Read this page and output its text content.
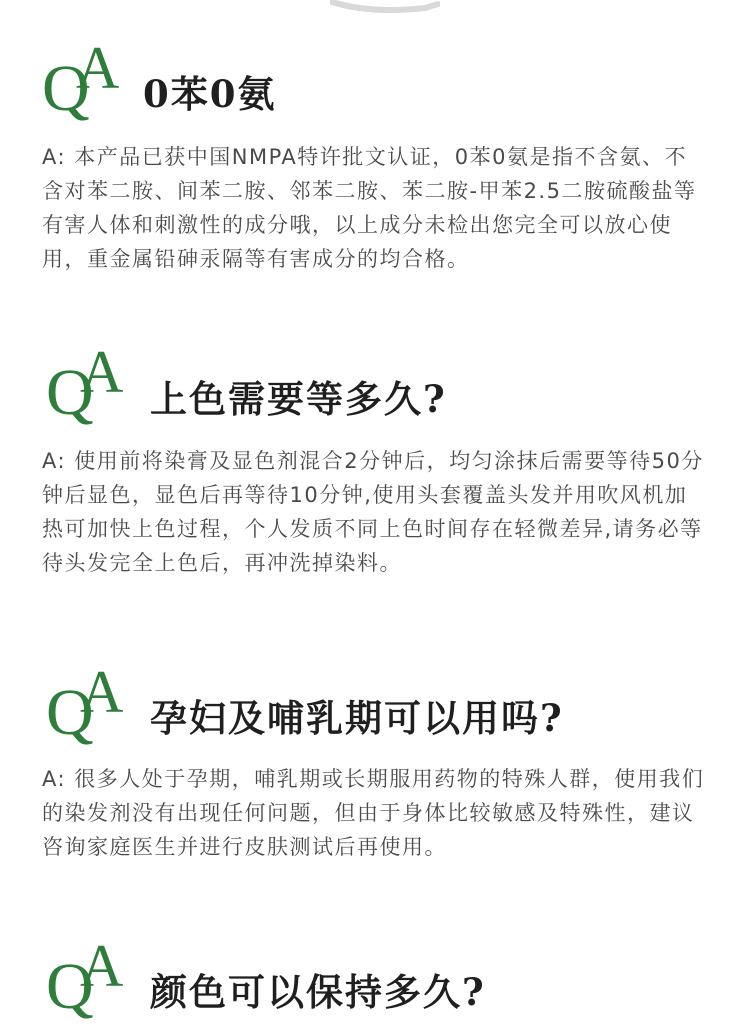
Q
A 0苯0氨

A: 本产品已获中国NMPA特许批文认证，0苯0氨是指不含氨、不含对苯二胺、间苯二胺、邻苯二胺、苯二胺-甲苯2.5二胺硫酸盐等有害人体和刺激性的成分哦，以上成分未检出您完全可以放心使用，重金属铅砷汞隔等有害成分的均合格。

Q
A 上色需要等多久?

A: 使用前将染膏及显色剂混合2分钟后，均匀涂抹后需要等待50分钟后显色，显色后再等待10分钟,使用头套覆盖头发并用吹风机加热可加快上色过程，个人发质不同上色时间存在轻微差异,请务必等待头发完全上色后，再冲洗掉染料。

Q
A 孕妇及哺乳期可以用吗?

A: 很多人处于孕期，哺乳期或长期服用药物的特殊人群，使用我们的染发剂没有出现任何问题，但由于身体比较敏感及特殊性，建议咨询家庭医生并进行皮肤测试后再使用。

Q
A 颜色可以保持多久?
